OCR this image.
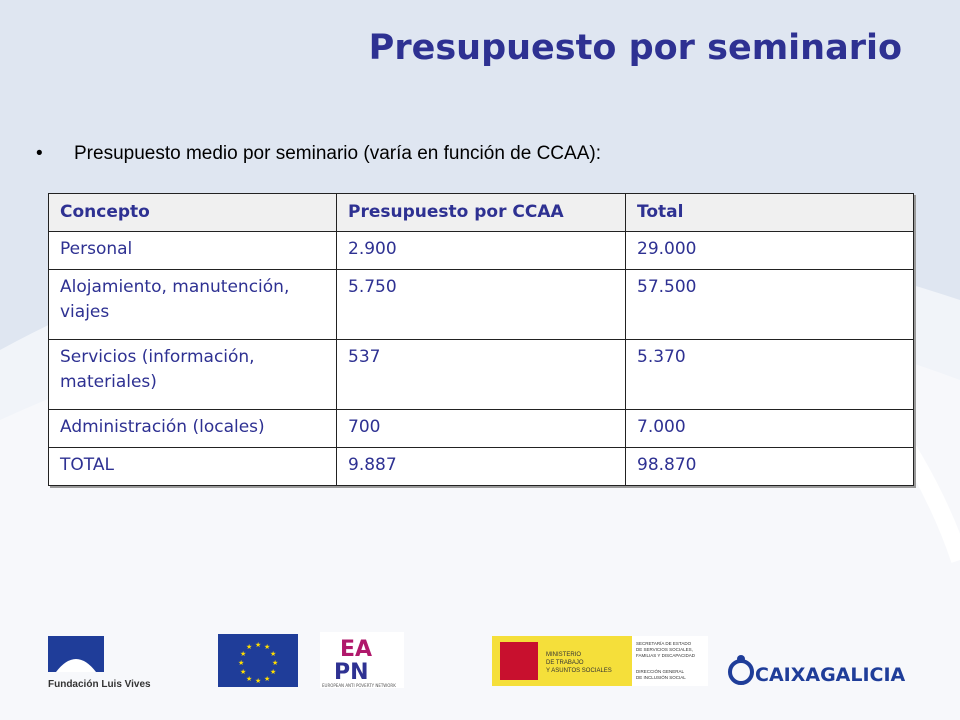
Presupuesto por seminario
•	Presupuesto medio por seminario (varía en función de CCAA):
Concepto	Presupuesto por CCAA	Total
Personal	2.900	29.000

Alojamiento, manutención, viajes	5.750	57.500

Servicios (información, materiales)	537	5.370
Administración (locales)	700	7.000
TOTAL	9.887	98.870
Fundación Luis Vives
★ ★
★
★
★
★
★
★
★
★
★
★	EA
PN
EUROPEAN ANTI POVERTY NETWORK
MINISTERIO
DE TRABAJO
Y ASUNTOS SOCIALES
SECRETARÍA DE ESTADO
DE SERVICIOS SOCIALES,
FAMILIAS Y DISCAPACIDAD
DIRECCIÓN GENERAL
DE INCLUSIÓN SOCIAL	CAIXAGALICIA
